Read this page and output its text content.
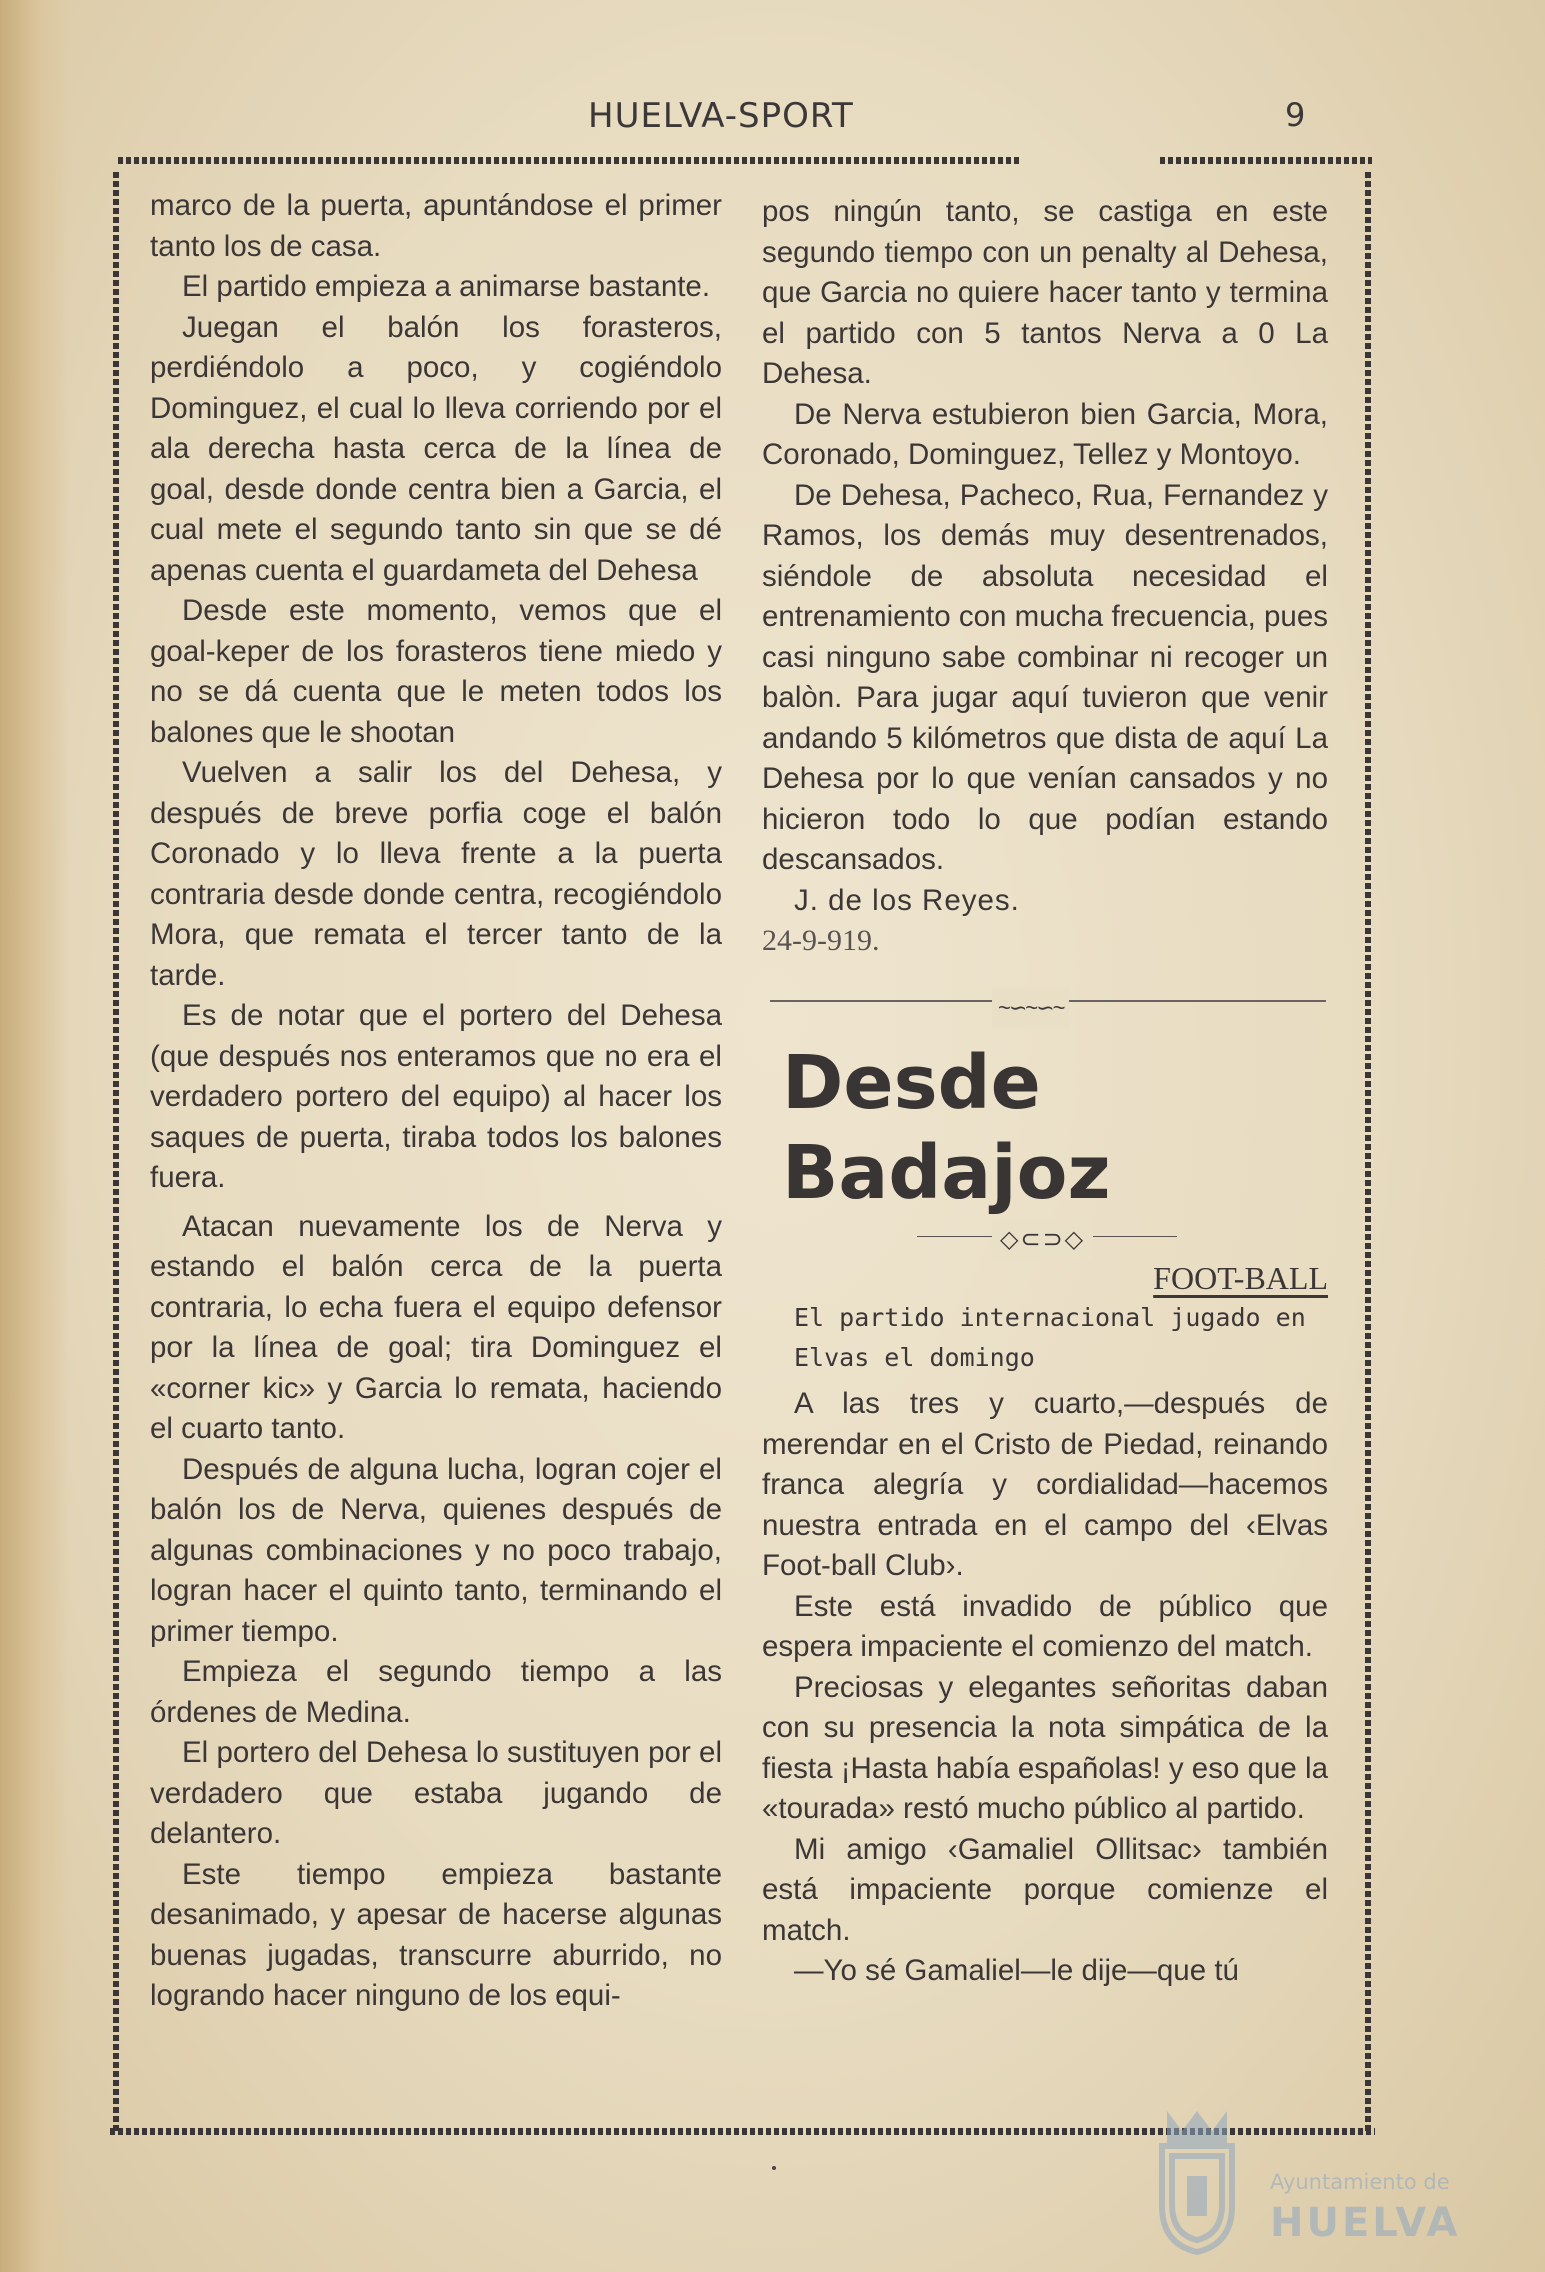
HUELVA-SPORT	9

marco de la puerta, apuntándose el primer tanto los de casa.

El partido empieza a animarse bastante.

Juegan el balón los forasteros, perdiéndolo a poco, y cogiéndolo Dominguez, el cual lo lleva corriendo por el ala derecha hasta cerca de la línea de goal, desde donde centra bien a Garcia, el cual mete el segundo tanto sin que se dé apenas cuenta el guardameta del Dehesa

Desde este momento, vemos que el goal-keper de los forasteros tiene miedo y no se dá cuenta que le meten todos los balones que le shootan

Vuelven a salir los del Dehesa, y después de breve porfia coge el balón Coronado y lo lleva frente a la puerta contraria desde donde centra, recogiéndolo Mora, que remata el tercer tanto de la tarde.

Es de notar que el portero del Dehesa (que después nos enteramos que no era el verdadero portero del equipo) al hacer los saques de puerta, tiraba todos los balones fuera.

Atacan nuevamente los de Nerva y estando el balón cerca de la puerta contraria, lo echa fuera el equipo defensor por la línea de goal; tira Dominguez el «corner kic» y Garcia lo remata, haciendo el cuarto tanto.

Después de alguna lucha, logran cojer el balón los de Nerva, quienes después de algunas combinaciones y no poco trabajo, logran hacer el quinto tanto, terminando el primer tiempo.

Empieza el segundo tiempo a las órdenes de Medina.

El portero del Dehesa lo sustituyen por el verdadero que estaba jugando de delantero.

Este tiempo empieza bastante desanimado, y apesar de hacerse algunas buenas jugadas, transcurre aburrido, no logrando hacer ninguno de los equi-

pos ningún tanto, se castiga en este segundo tiempo con un penalty al Dehesa, que Garcia no quiere hacer tanto y termina el partido con 5 tantos Nerva a 0 La Dehesa.

De Nerva estubieron bien Garcia, Mora, Coronado, Dominguez, Tellez y Montoyo.

De Dehesa, Pacheco, Rua, Fernandez y Ramos, los demás muy desentrenados, siéndole de absoluta necesidad el entrenamiento con mucha frecuencia, pues casi ninguno sabe combinar ni recoger un balòn. Para jugar aquí tuvieron que venir andando 5 kilómetros que dista de aquí La Dehesa por lo que venían cansados y no hicieron todo lo que podían estando descansados.

J. de los Reyes.

24-9-919.

~∽~∽~
Desde Badajoz
◇⊂⊃◇
FOOT-BALL

El partido internacional jugado en Elvas el domingo

A las tres y cuarto,—después de merendar en el Cristo de Piedad, reinando franca alegría y cordialidad—hacemos nuestra entrada en el campo del ‹Elvas Foot-ball Club›.

Este está invadido de público que espera impaciente el comienzo del match.

Preciosas y elegantes señoritas daban con su presencia la nota simpática de la fiesta ¡Hasta había españolas! y eso que la «tourada» restó mucho público al partido.

Mi amigo ‹Gamaliel Ollitsac› también está impaciente porque comienze el match.

—Yo sé Gamaliel—le dije—que tú

Ayuntamiento de
HUELVA
